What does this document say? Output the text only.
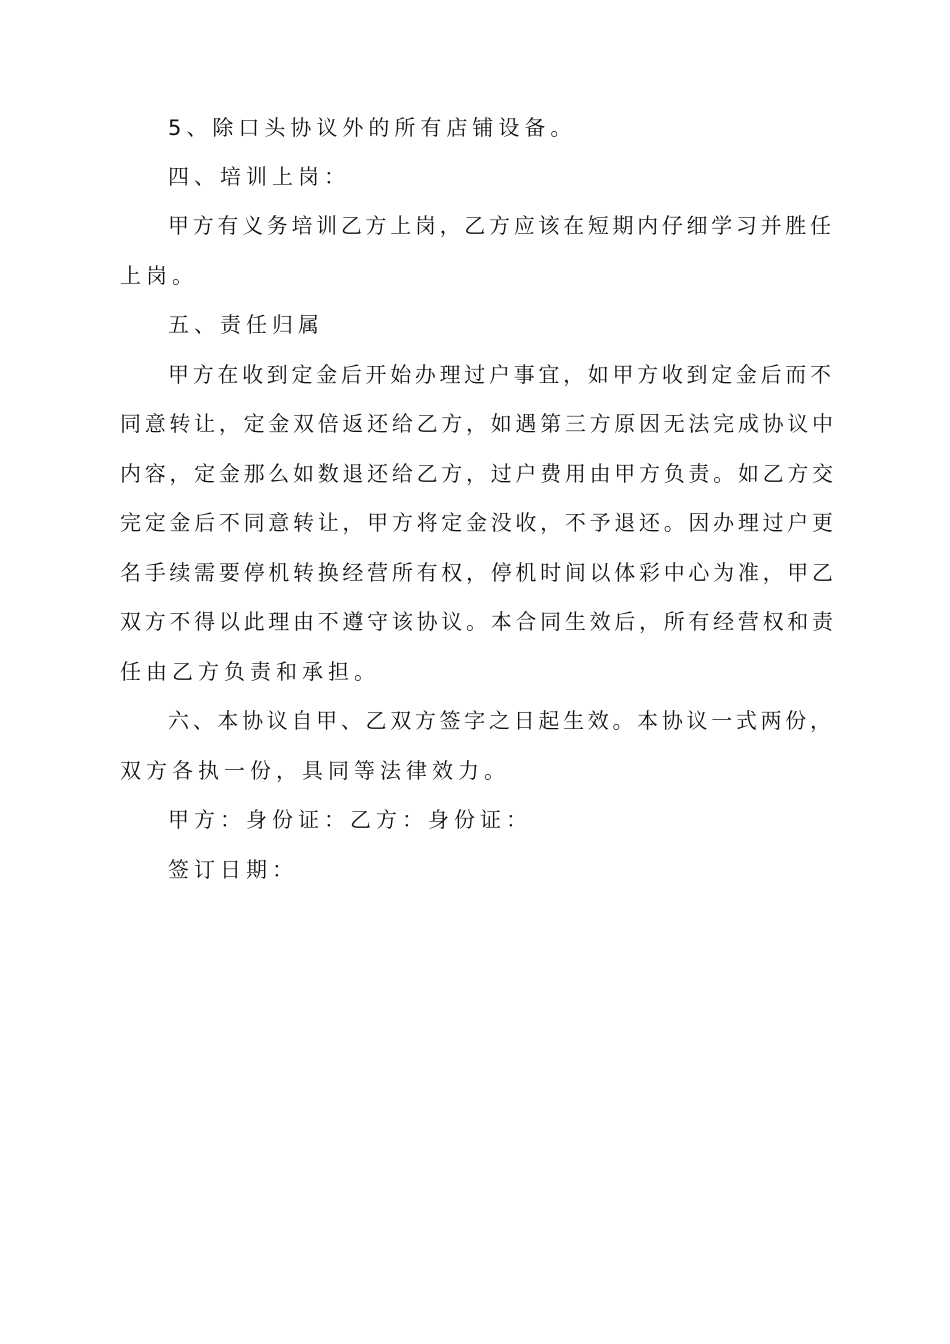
5、除口头协议外的所有店铺设备。
四、培训上岗：
甲方有义务培训乙方上岗，乙方应该在短期内仔细学习并胜任
上岗。
五、责任归属
甲方在收到定金后开始办理过户事宜，如甲方收到定金后而不
同意转让，定金双倍返还给乙方，如遇第三方原因无法完成协议中
内容，定金那么如数退还给乙方，过户费用由甲方负责。如乙方交
完定金后不同意转让，甲方将定金没收，不予退还。因办理过户更
名手续需要停机转换经营所有权，停机时间以体彩中心为准，甲乙
双方不得以此理由不遵守该协议。本合同生效后，所有经营权和责
任由乙方负责和承担。
六、本协议自甲、乙双方签字之日起生效。本协议一式两份，
双方各执一份，具同等法律效力。
甲方：身份证：乙方：身份证：
签订日期：
